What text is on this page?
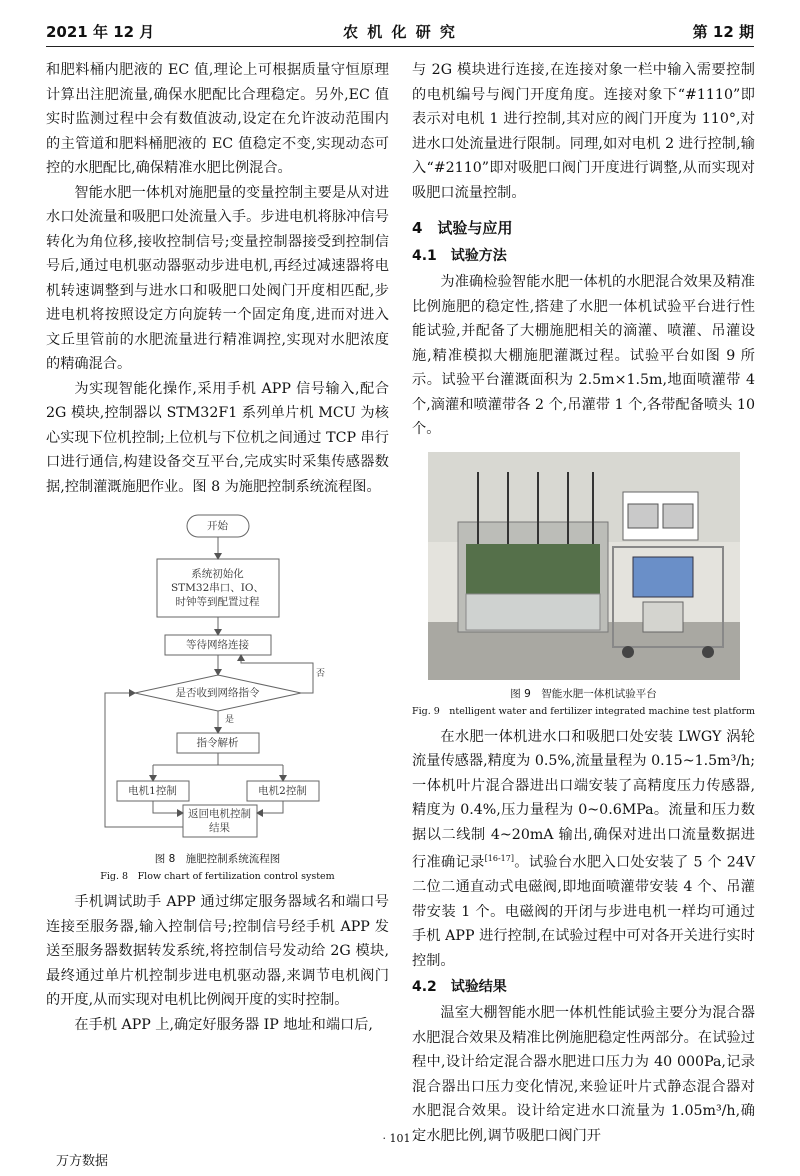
2021 年 12 月	农 机 化 研 究	第 12 期

和肥料桶内肥液的 EC 值,理论上可根据质量守恒原理计算出注肥流量,确保水肥配比合理稳定。另外,EC 值实时监测过程中会有数值波动,设定在允许波动范围内的主管道和肥料桶肥液的 EC 值稳定不变,实现动态可控的水肥配比,确保精准水肥比例混合。

智能水肥一体机对施肥量的变量控制主要是从对进水口处流量和吸肥口处流量入手。步进电机将脉冲信号转化为角位移,接收控制信号;变量控制器接受到控制信号后,通过电机驱动器驱动步进电机,再经过减速器将电机转速调整到与进水口和吸肥口处阀门开度相匹配,步进电机将按照设定方向旋转一个固定角度,进而对进入文丘里管前的水肥流量进行精准调控,实现对水肥浓度的精确混合。

为实现智能化操作,采用手机 APP 信号输入,配合 2G 模块,控制器以 STM32F1 系列单片机 MCU 为核心实现下位机控制;上位机与下位机之间通过 TCP 串行口进行通信,构建设备交互平台,完成实时采集传感器数据,控制灌溉施肥作业。图 8 为施肥控制系统流程图。

开始
系统初始化
STM32串口、IO、
时钟等到配置过程
等待网络连接
是否收到网络指令
否
是
指令解析
电机1控制	电机2控制
返回电机控制
结果
图 8　施肥控制系统流程图
Fig. 8　Flow chart of fertilization control system

手机调试助手 APP 通过绑定服务器域名和端口号连接至服务器,输入控制信号;控制信号经手机 APP 发送至服务器数据转发系统,将控制信号发动给 2G 模块,最终通过单片机控制步进电机驱动器,来调节电机阀门的开度,从而实现对电机比例阀开度的实时控制。

在手机 APP 上,确定好服务器 IP 地址和端口后,

与 2G 模块进行连接,在连接对象一栏中输入需要控制的电机编号与阀门开度角度。连接对象下“#1110”即表示对电机 1 进行控制,其对应的阀门开度为 110°,对进水口处流量进行限制。同理,如对电机 2 进行控制,输入“#2110”即对吸肥口阀门开度进行调整,从而实现对吸肥口流量控制。

4　试验与应用
4.1　试验方法

为准确检验智能水肥一体机的水肥混合效果及精准比例施肥的稳定性,搭建了水肥一体机试验平台进行性能试验,并配备了大棚施肥相关的滴灌、喷灌、吊灌设施,精准模拟大棚施肥灌溉过程。试验平台如图 9 所示。试验平台灌溉面积为 2.5m×1.5m,地面喷灌带 4 个,滴灌和喷灌带各 2 个,吊灌带 1 个,各带配备喷头 10 个。

图 9　智能水肥一体机试验平台
Fig. 9　ntelligent water and fertilizer integrated machine test platform

在水肥一体机进水口和吸肥口处安装 LWGY 涡轮流量传感器,精度为 0.5%,流量量程为 0.15~1.5m³/h;一体机叶片混合器进出口端安装了高精度压力传感器,精度为 0.4%,压力量程为 0~0.6MPa。流量和压力数据以二线制 4~20mA 输出,确保对进出口流量数据进行准确记录[16-17]。试验台水肥入口处安装了 5 个 24V 二位二通直动式电磁阀,即地面喷灌带安装 4 个、吊灌带安装 1 个。电磁阀的开闭与步进电机一样均可通过手机 APP 进行控制,在试验过程中可对各开关进行实时控制。

4.2　试验结果

温室大棚智能水肥一体机性能试验主要分为混合器水肥混合效果及精准比例施肥稳定性两部分。在试验过程中,设计给定混合器水肥进口压力为 40 000Pa,记录混合器出口压力变化情况,来验证叶片式静态混合器对水肥混合效果。设计给定进水口流量为 1.05m³/h,确定水肥比例,调节吸肥口阀门开

· 101 ·
万方数据
